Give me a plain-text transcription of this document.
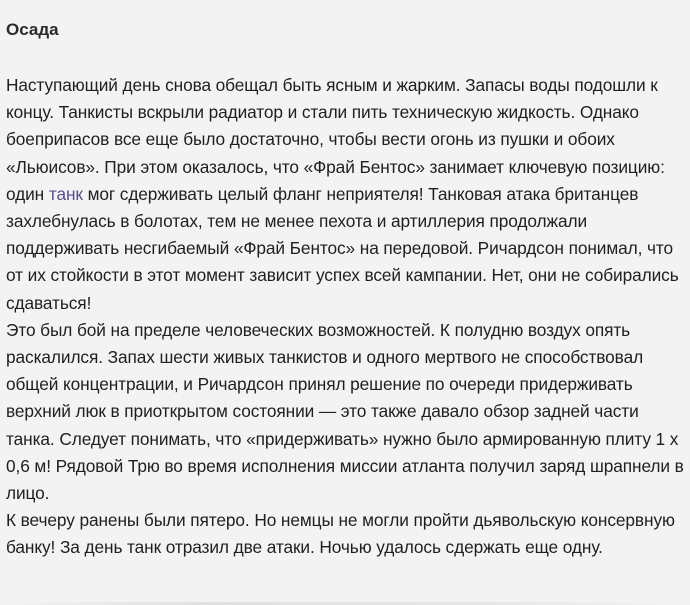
Осада

Наступающий день снова обещал быть ясным и жарким. Запасы воды подошли к концу. Танкисты вскрыли радиатор и стали пить техническую жидкость. Однако боеприпасов все еще было достаточно, чтобы вести огонь из пушки и обоих «Льюисов». При этом оказалось, что «Фрай Бентос» занимает ключевую позицию: один танк мог сдерживать целый фланг неприятеля! Танковая атака британцев захлебнулась в болотах, тем не менее пехота и артиллерия продолжали поддерживать несгибаемый «Фрай Бентос» на передовой. Ричардсон понимал, что от их стойкости в этот момент зависит успех всей кампании. Нет, они не собирались сдаваться!

Это был бой на пределе человеческих возможностей. К полудню воздух опять раскалился. Запах шести живых танкистов и одного мертвого не способствовал общей концентрации, и Ричардсон принял решение по очереди придерживать верхний люк в приоткрытом состоянии — это также давало обзор задней части танка. Следует понимать, что «придерживать» нужно было армированную плиту 1 х 0,6 м! Рядовой Трю во время исполнения миссии атланта получил заряд шрапнели в лицо.

К вечеру ранены были пятеро. Но немцы не могли пройти дьявольскую консервную банку! За день танк отразил две атаки. Ночью удалось сдержать еще одну.
